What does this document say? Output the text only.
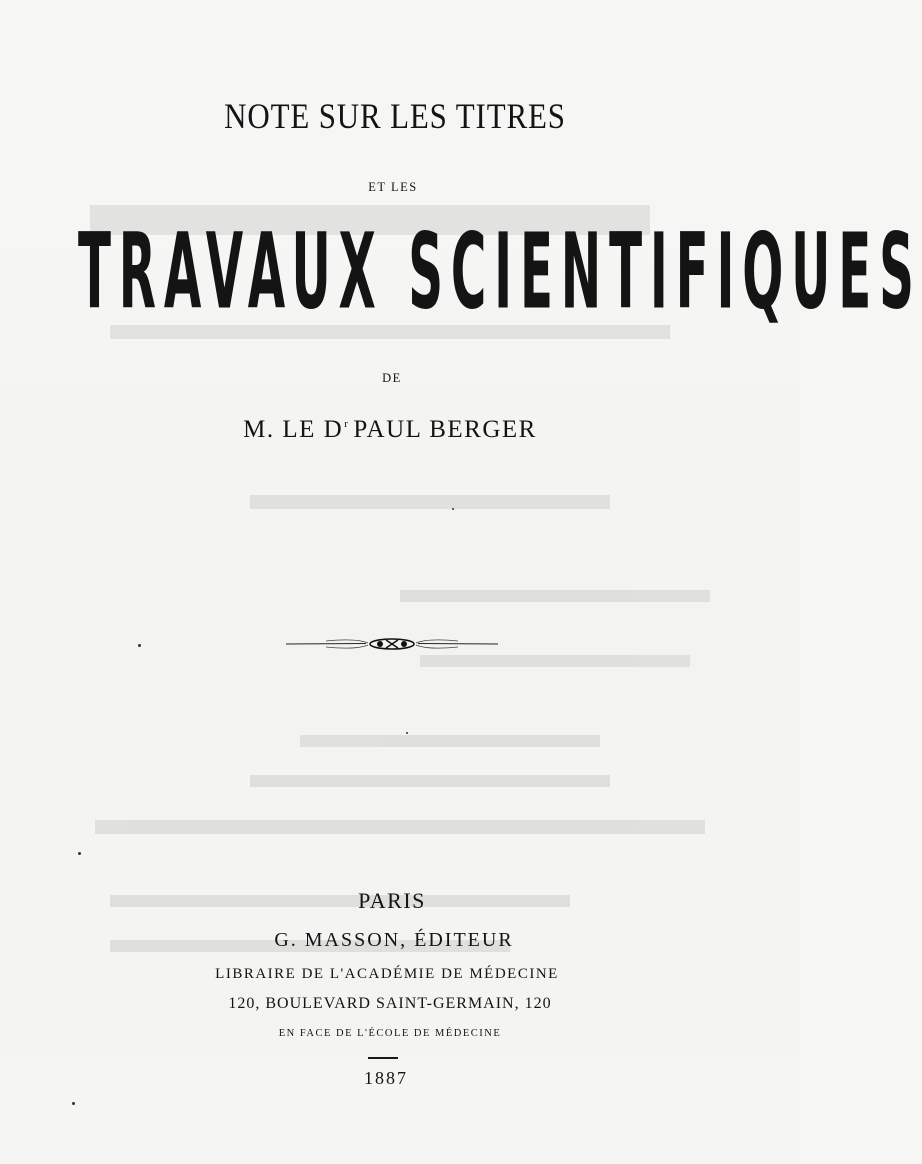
NOTE SUR LES TITRES
ET LES
TRAVAUX SCIENTIFIQUES
DE
M. LE $D^r$ PAUL BERGER
PARIS
G. MASSON, ÉDITEUR
LIBRAIRE DE L'ACADÉMIE DE MÉDECINE
120, BOULEVARD SAINT-GERMAIN, 120
EN FACE DE L'ÉCOLE DE MÉDECINE
1887
